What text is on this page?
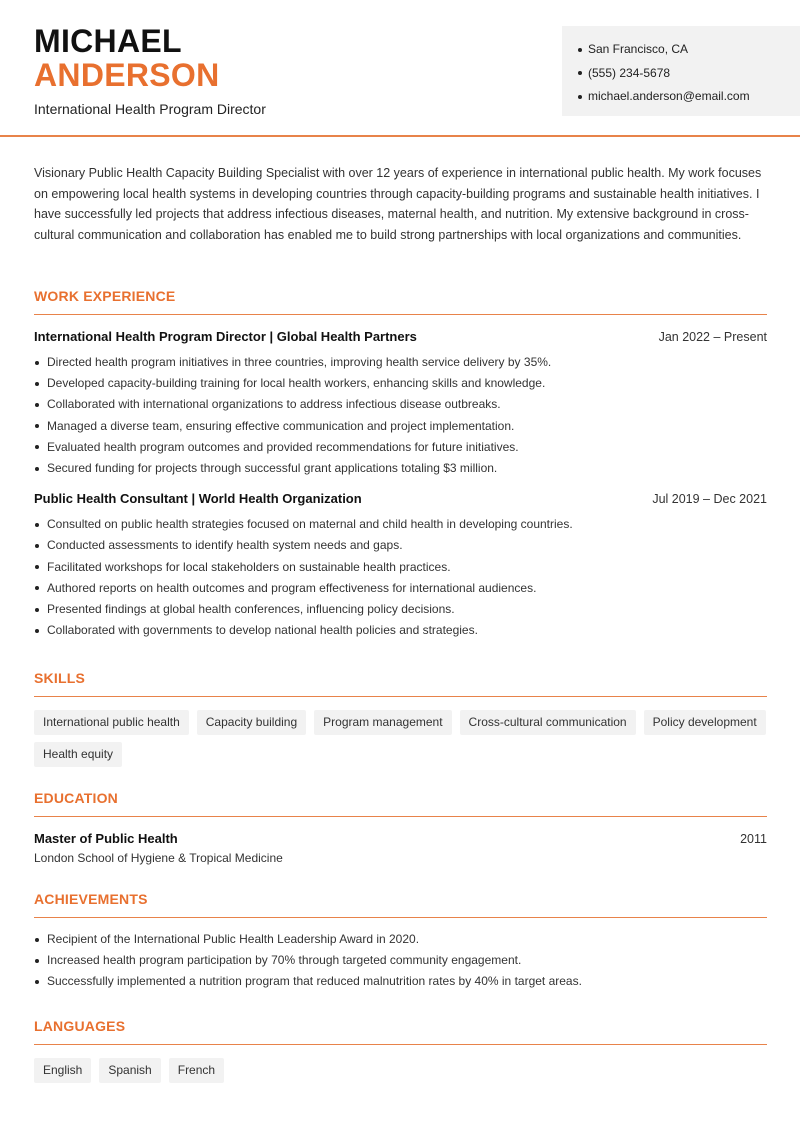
MICHAEL
ANDERSON
International Health Program Director
San Francisco, CA
(555) 234-5678
michael.anderson@email.com
Visionary Public Health Capacity Building Specialist with over 12 years of experience in international public health. My work focuses on empowering local health systems in developing countries through capacity-building programs and sustainable health initiatives. I have successfully led projects that address infectious diseases, maternal health, and nutrition. My extensive background in cross-cultural communication and collaboration has enabled me to build strong partnerships with local organizations and communities.
WORK EXPERIENCE
International Health Program Director | Global Health Partners	Jan 2022 – Present
Directed health program initiatives in three countries, improving health service delivery by 35%.
Developed capacity-building training for local health workers, enhancing skills and knowledge.
Collaborated with international organizations to address infectious disease outbreaks.
Managed a diverse team, ensuring effective communication and project implementation.
Evaluated health program outcomes and provided recommendations for future initiatives.
Secured funding for projects through successful grant applications totaling $3 million.
Public Health Consultant | World Health Organization	Jul 2019 – Dec 2021
Consulted on public health strategies focused on maternal and child health in developing countries.
Conducted assessments to identify health system needs and gaps.
Facilitated workshops for local stakeholders on sustainable health practices.
Authored reports on health outcomes and program effectiveness for international audiences.
Presented findings at global health conferences, influencing policy decisions.
Collaborated with governments to develop national health policies and strategies.
SKILLS
International public health	Capacity building	Program management	Cross-cultural communication	Policy development
Health equity
EDUCATION
Master of Public Health	2011
London School of Hygiene & Tropical Medicine
ACHIEVEMENTS
Recipient of the International Public Health Leadership Award in 2020.
Increased health program participation by 70% through targeted community engagement.
Successfully implemented a nutrition program that reduced malnutrition rates by 40% in target areas.
LANGUAGES
English	Spanish	French
